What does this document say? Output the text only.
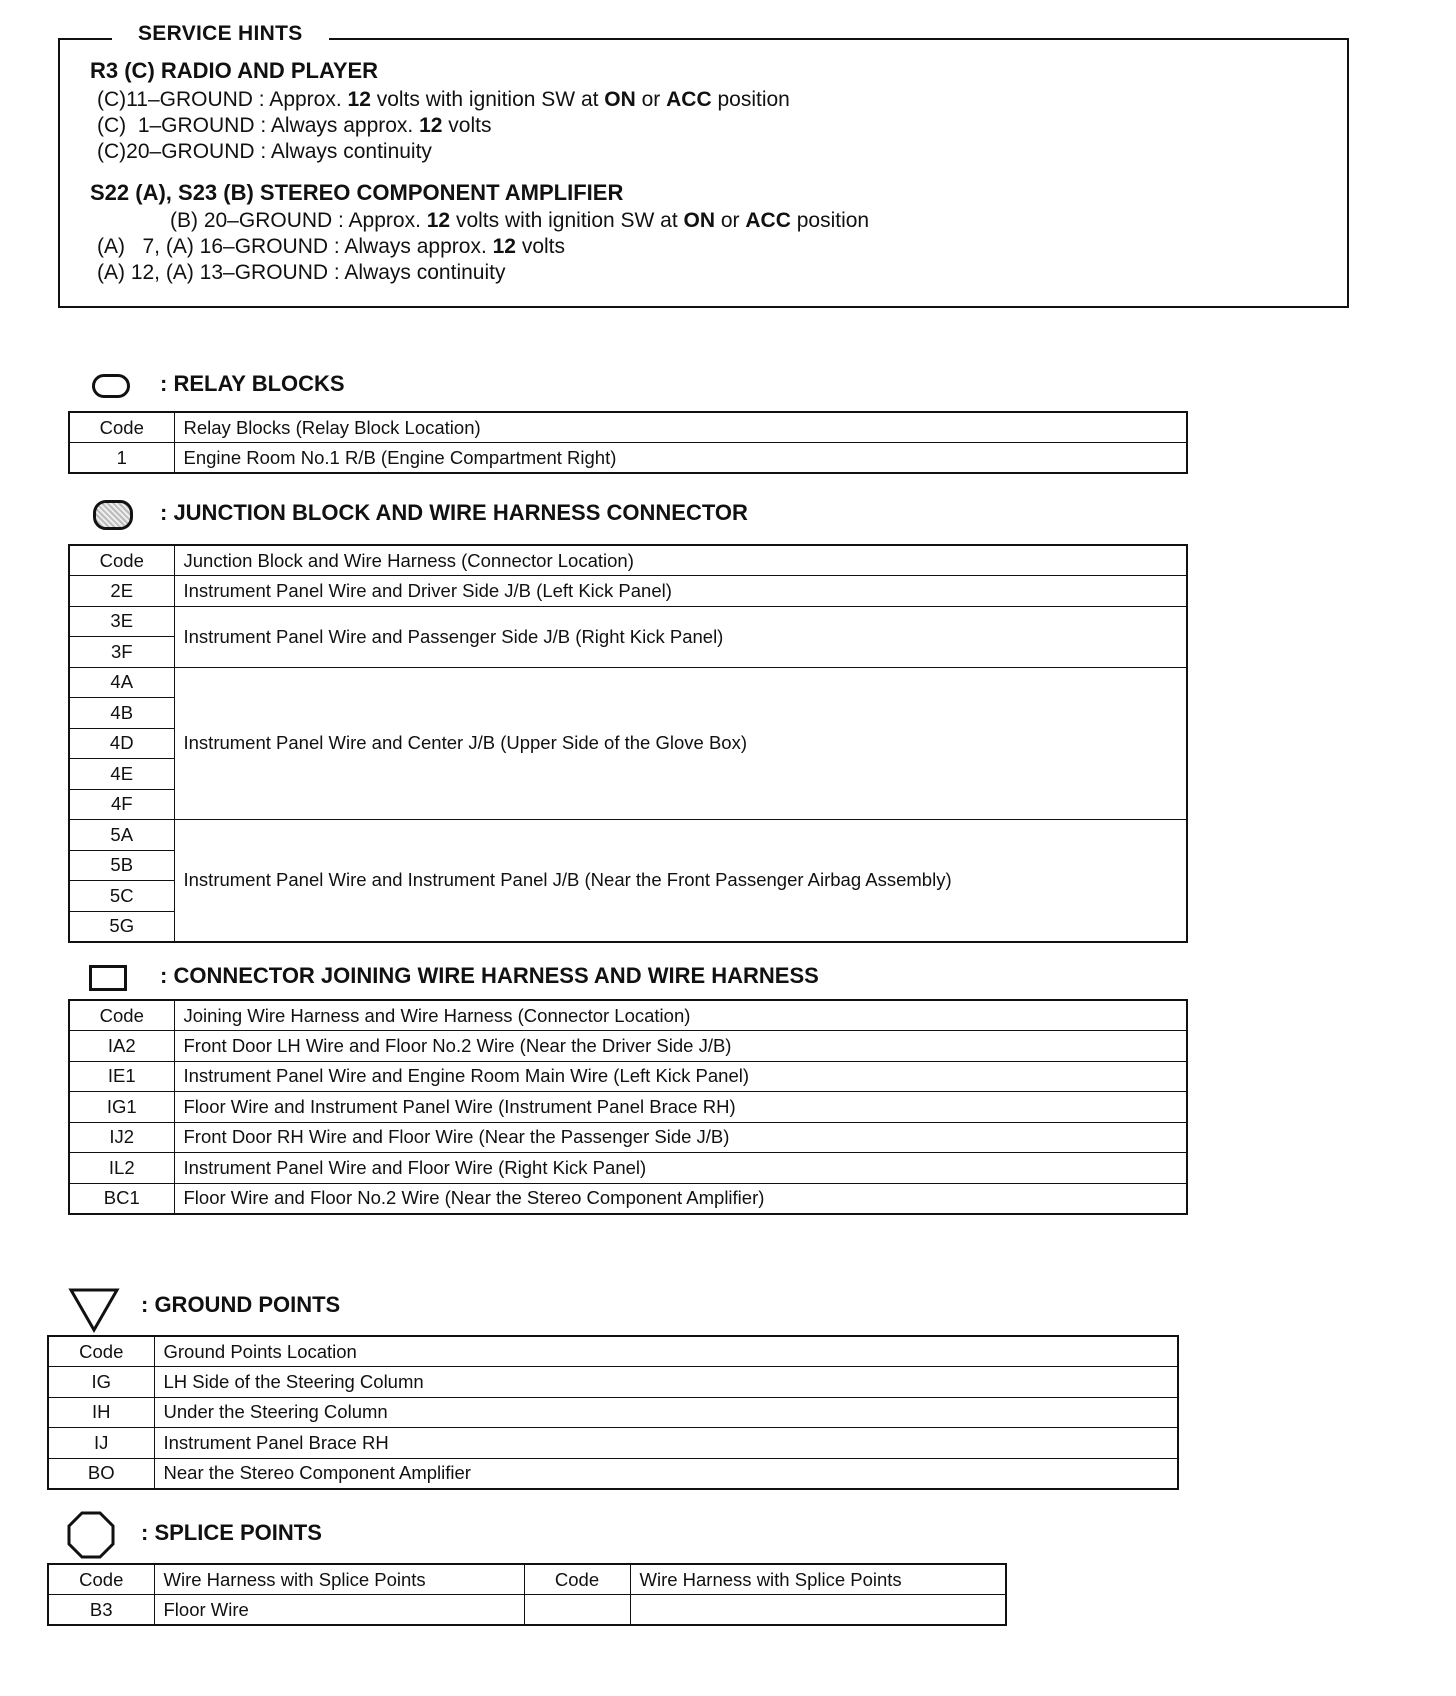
SERVICE HINTS
R3 (C) RADIO AND PLAYER
(C)11–GROUND : Approx. 12 volts with ignition SW at ON or ACC position
(C)  1–GROUND : Always approx. 12 volts
(C)20–GROUND : Always continuity
S22 (A), S23 (B) STEREO COMPONENT AMPLIFIER
(B) 20–GROUND : Approx. 12 volts with ignition SW at ON or ACC position
(A)   7, (A) 16–GROUND : Always approx. 12 volts
(A) 12, (A) 13–GROUND : Always continuity
: RELAY BLOCKS
Code	Relay Blocks (Relay Block Location)
1	Engine Room No.1 R/B (Engine Compartment Right)
: JUNCTION BLOCK AND WIRE HARNESS CONNECTOR
Code	Junction Block and Wire Harness (Connector Location)
2E	Instrument Panel Wire and Driver Side J/B (Left Kick Panel)
3E	Instrument Panel Wire and Passenger Side J/B (Right Kick Panel)
3F	
4A	Instrument Panel Wire and Center J/B (Upper Side of the Glove Box)
4B	
4D	
4E	
4F	
5A	Instrument Panel Wire and Instrument Panel J/B (Near the Front Passenger Airbag Assembly)
5B	
5C	
5G	
: CONNECTOR JOINING WIRE HARNESS AND WIRE HARNESS
Code	Joining Wire Harness and Wire Harness (Connector Location)
IA2	Front Door LH Wire and Floor No.2 Wire (Near the Driver Side J/B)
IE1	Instrument Panel Wire and Engine Room Main Wire (Left Kick Panel)
IG1	Floor Wire and Instrument Panel Wire (Instrument Panel Brace RH)
IJ2	Front Door RH Wire and Floor Wire (Near the Passenger Side J/B)
IL2	Instrument Panel Wire and Floor Wire (Right Kick Panel)
BC1	Floor Wire and Floor No.2 Wire (Near the Stereo Component Amplifier)
: GROUND POINTS
Code	Ground Points Location
IG	LH Side of the Steering Column
IH	Under the Steering Column
IJ	Instrument Panel Brace RH
BO	Near the Stereo Component Amplifier
: SPLICE POINTS
Code	Wire Harness with Splice Points	Code	Wire Harness with Splice Points
B3	Floor Wire		
